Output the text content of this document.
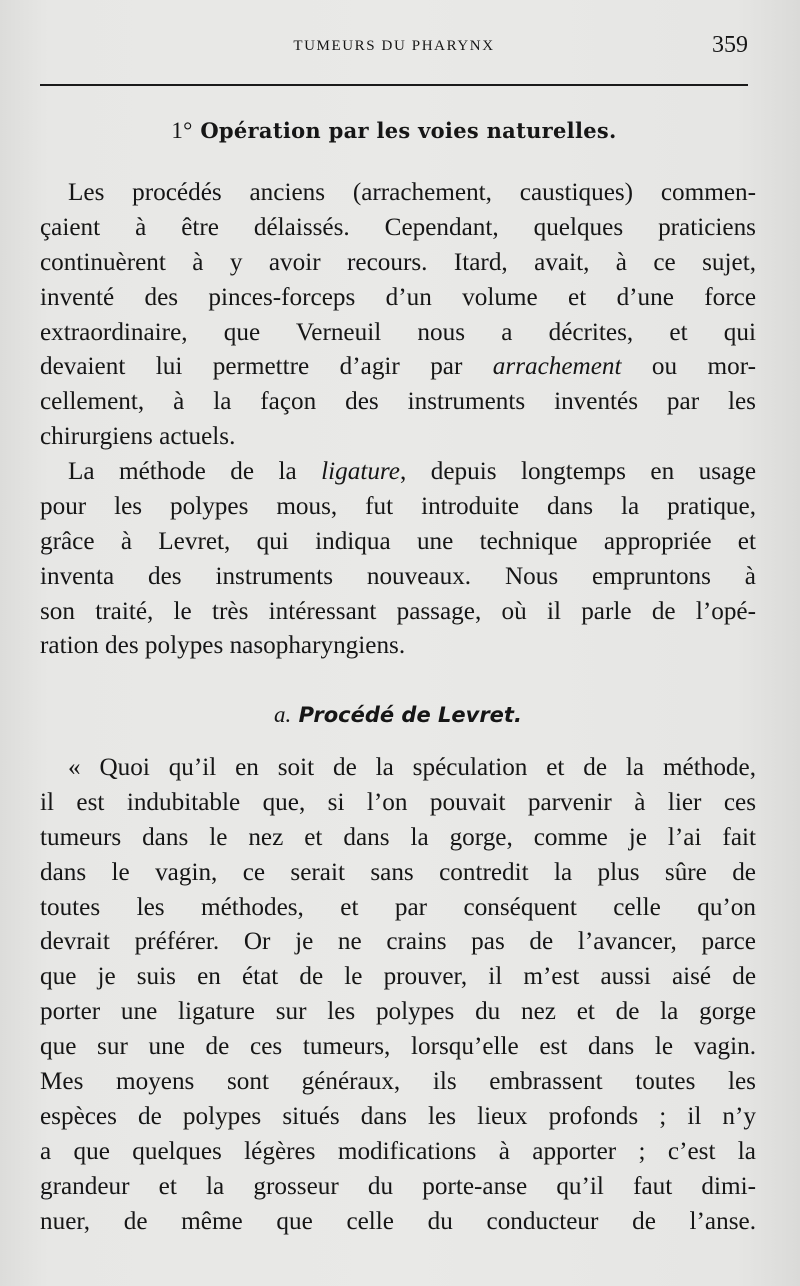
TUMEURS DU PHARYNX	359
1° Opération par les voies naturelles.
Les procédés anciens (arrachement, caustiques) commen-
çaient à être délaissés. Cependant, quelques praticiens
continuèrent à y avoir recours. Itard, avait, à ce sujet,
inventé des pinces-forceps d’un volume et d’une force
extraordinaire, que Verneuil nous a décrites, et qui
devaient lui permettre d’agir par arrachement ou mor-
cellement, à la façon des instruments inventés par les
chirurgiens actuels.
La méthode de la ligature, depuis longtemps en usage
pour les polypes mous, fut introduite dans la pratique,
grâce à Levret, qui indiqua une technique appropriée et
inventa des instruments nouveaux. Nous empruntons à
son traité, le très intéressant passage, où il parle de l’opé-
ration des polypes nasopharyngiens.
a. Procédé de Levret.
« Quoi qu’il en soit de la spéculation et de la méthode,
il est indubitable que, si l’on pouvait parvenir à lier ces
tumeurs dans le nez et dans la gorge, comme je l’ai fait
dans le vagin, ce serait sans contredit la plus sûre de
toutes les méthodes, et par conséquent celle qu’on
devrait préférer. Or je ne crains pas de l’avancer, parce
que je suis en état de le prouver, il m’est aussi aisé de
porter une ligature sur les polypes du nez et de la gorge
que sur une de ces tumeurs, lorsqu’elle est dans le vagin.
Mes moyens sont généraux, ils embrassent toutes les
espèces de polypes situés dans les lieux profonds ; il n’y
a que quelques légères modifications à apporter ; c’est la
grandeur et la grosseur du porte-anse qu’il faut dimi-
nuer, de même que celle du conducteur de l’anse.
